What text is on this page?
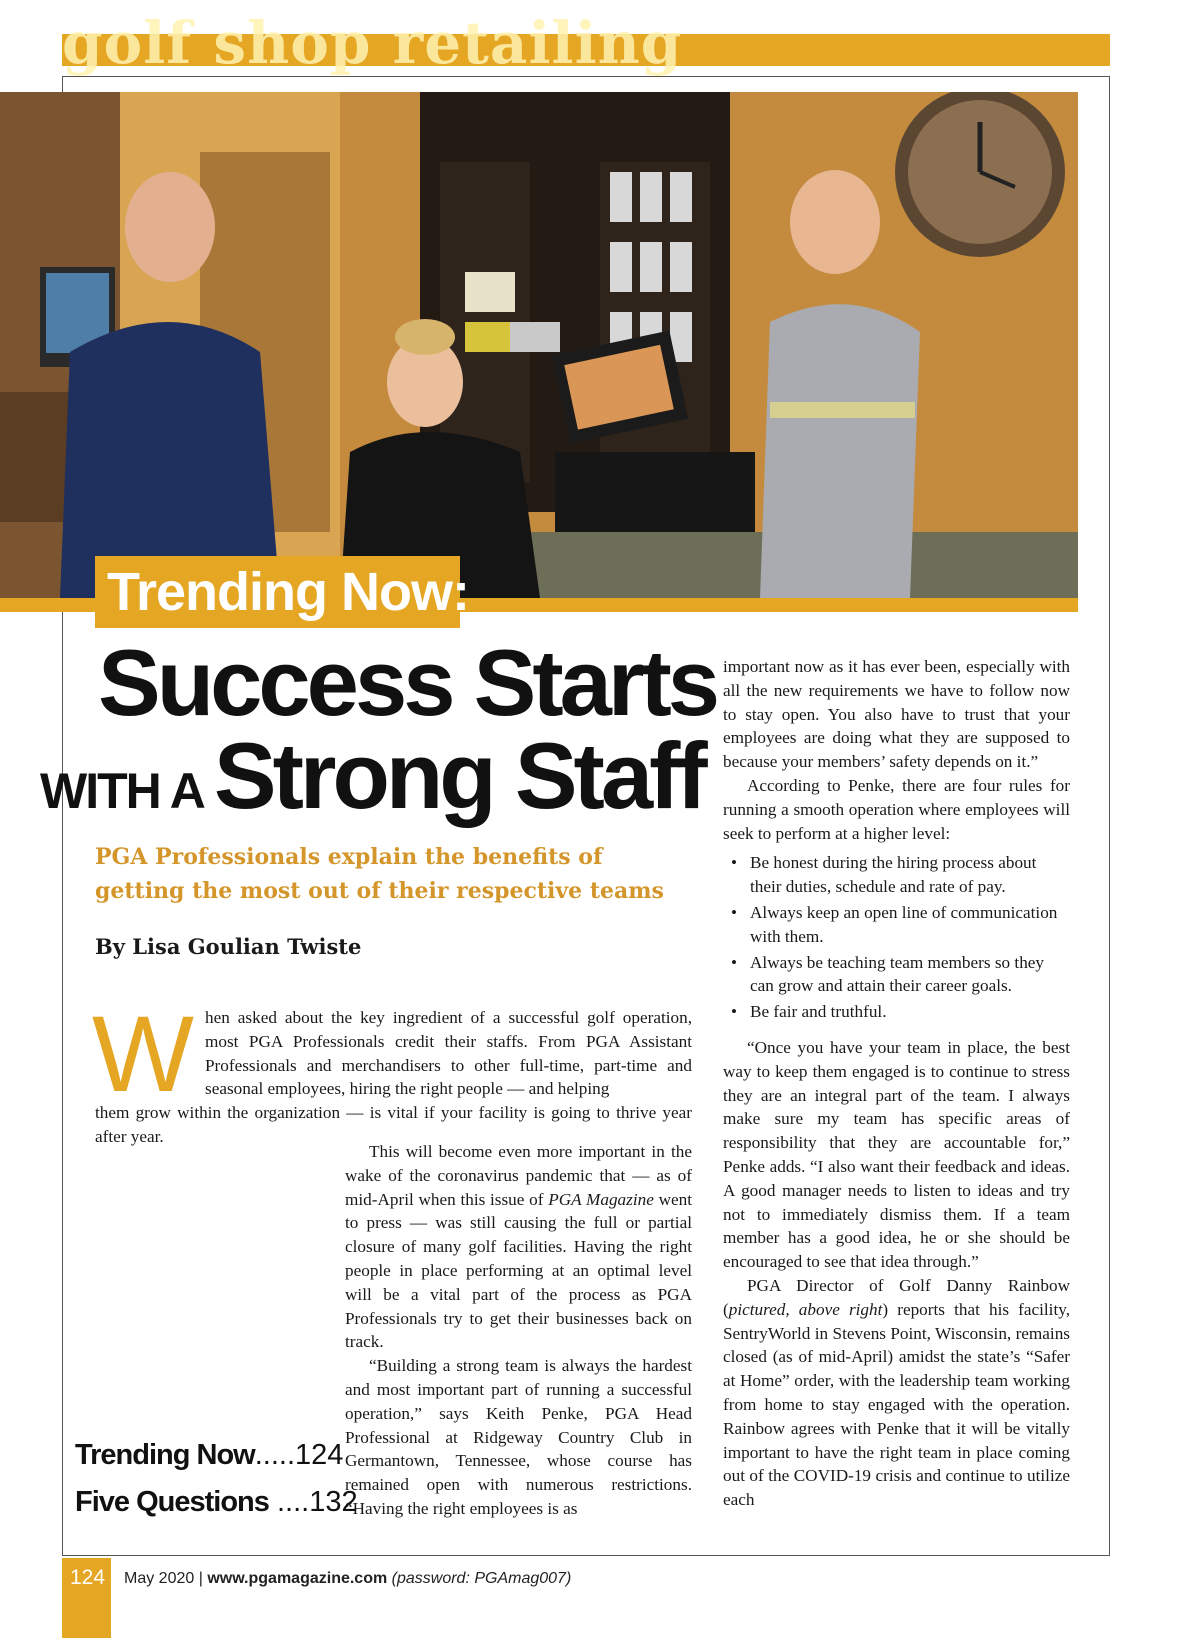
golf shop retailing
Trending Now:
Success Starts
WITH A Strong Staff
PGA Professionals explain the benefits of getting the most out of their respective teams
By Lisa Goulian Twiste
W hen asked about the key ingredient of a successful golf operation, most PGA Professionals credit their staffs. From PGA Assistant Professionals and merchandisers to other full-time, part-time and seasonal employees, hiring the right people — and helping

them grow within the organization — is vital if your facility is going to thrive year after year.

This will become even more important in the wake of the coronavirus pandemic that — as of mid-April when this issue of PGA Magazine went to press — was still causing the full or partial closure of many golf facilities. Having the right people in place performing at an optimal level will be a vital part of the process as PGA Professionals try to get their businesses back on track.

“Building a strong team is always the hardest and most important part of running a successful operation,” says Keith Penke, PGA Head Professional at Ridgeway Country Club in Germantown, Tennessee, whose course has remained open with numerous restrictions. “Having the right employees is as

important now as it has ever been, especially with all the new requirements we have to follow now to stay open. You also have to trust that your employees are doing what they are supposed to because your members’ safety depends on it.”

According to Penke, there are four rules for running a smooth operation where employees will seek to perform at a higher level:

• Be honest during the hiring process about their duties, schedule and rate of pay.
• Always keep an open line of communication with them.
• Always be teaching team members so they can grow and attain their career goals.
• Be fair and truthful.

“Once you have your team in place, the best way to keep them engaged is to continue to stress they are an integral part of the team. I always make sure my team has specific areas of responsibility that they are accountable for,” Penke adds. “I also want their feedback and ideas. A good manager needs to listen to ideas and try not to immediately dismiss them. If a team member has a good idea, he or she should be encouraged to see that idea through.”

PGA Director of Golf Danny Rainbow (pictured, above right) reports that his facility, SentryWorld in Stevens Point, Wisconsin, remains closed (as of mid-April) amidst the state’s “Safer at Home” order, with the leadership team working from home to stay engaged with the operation. Rainbow agrees with Penke that it will be vitally important to have the right team in place coming out of the COVID-19 crisis and continue to utilize each

Trending Now.....124
Five Questions ....132
124 May 2020 | www.pgamagazine.com (password: PGAmag007)
